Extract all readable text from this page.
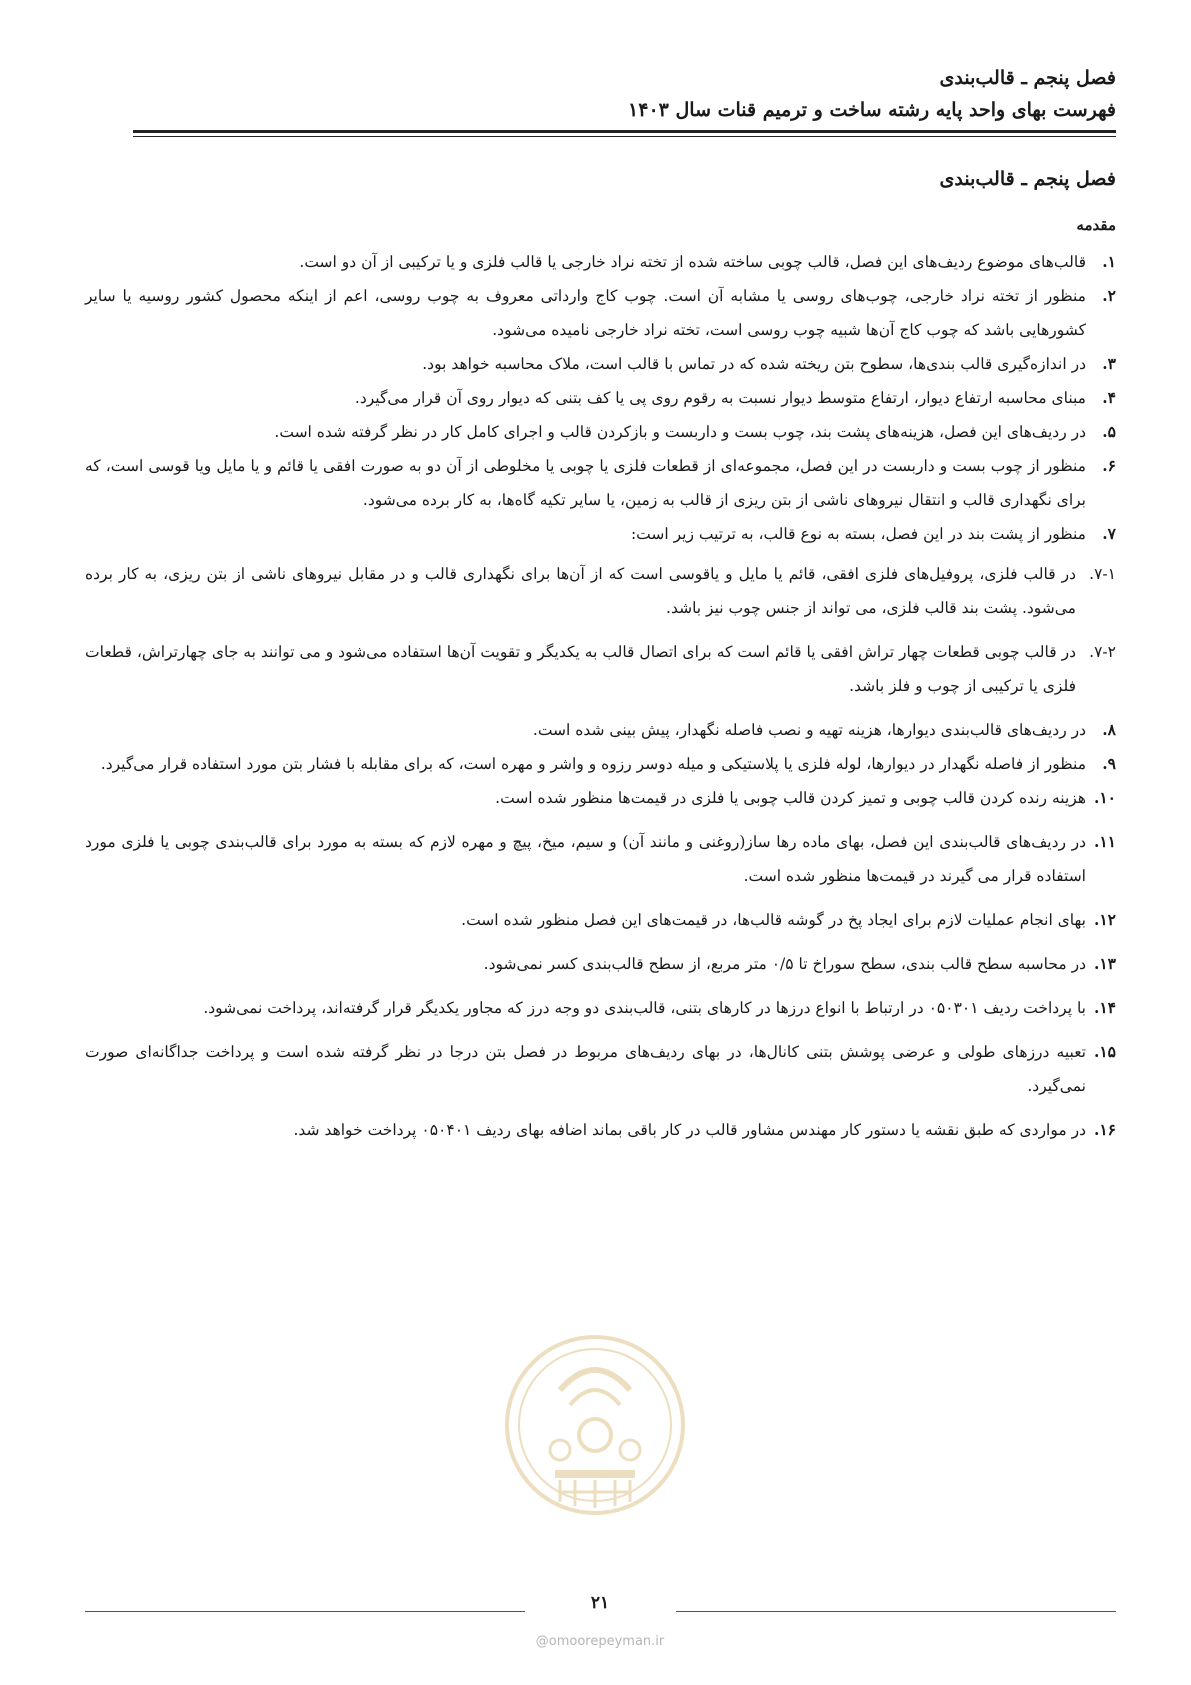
فصل پنجم ـ قالب‌بندی
فهرست بهای واحد پایه رشته ساخت و ترمیم قنات سال ۱۴۰۳
فصل پنجم ـ قالب‌بندی
مقدمه

۱.
قالب‌های موضوع ردیف‌های این فصل، قالب چوبی ساخته شده از تخته نراد خارجی یا قالب فلزی و یا ترکیبی از آن دو است.

۲.
منظور از تخته نراد خارجی، چوب‌های روسی یا مشابه آن است. چوب کاج وارداتی معروف به چوب روسی، اعم از اینکه محصول کشور روسیه یا سایر کشورهایی باشد که چوب کاج آن‌ها شبیه چوب روسی است، تخته نراد خارجی نامیده می‌شود.

۳.
در اندازه‌گیری قالب بندی‌ها، سطوح بتن ریخته شده که در تماس با قالب است، ملاک محاسبه خواهد بود.

۴.
مبنای محاسبه ارتفاع دیوار، ارتفاع متوسط دیوار نسبت به رقوم روی پی یا کف بتنی که دیوار روی آن قرار می‌گیرد.

۵.
در ردیف‌های این فصل، هزینه‌های پشت بند، چوب بست و داربست و بازکردن قالب و اجرای کامل کار در نظر گرفته شده است.

۶.
منظور از چوب بست و داربست در این فصل، مجموعه‌ای از قطعات فلزی یا چوبی یا مخلوطی از آن دو به صورت افقی یا قائم و یا مایل ویا قوسی است، که برای نگهداری قالب و انتقال نیروهای ناشی از بتن ریزی از قالب به زمین، یا سایر تکیه گاه‌ها، به کار برده می‌شود.

۷.
منظور از پشت بند در این فصل، بسته به نوع قالب، به ترتیب زیر است:

۷-۱.
در قالب فلزی، پروفیل‌های فلزی افقی، قائم یا مایل و یاقوسی است که از آن‌ها برای نگهداری قالب و در مقابل نیروهای ناشی از بتن ریزی، به کار برده می‌شود. پشت بند قالب فلزی، می تواند از جنس چوب نیز باشد.

۷-۲.
در قالب چوبی قطعات چهار تراش افقی یا قائم است که برای اتصال قالب به یکدیگر و تقویت آن‌ها استفاده می‌شود و می توانند به جای چهارتراش، قطعات فلزی یا ترکیبی از چوب و فلز باشد.

۸.
در ردیف‌های قالب‌بندی دیوارها، هزینه تهیه و نصب فاصله نگهدار، پیش بینی شده است.

۹.
منظور از فاصله نگهدار در دیوارها، لوله فلزی یا پلاستیکی و میله دوسر رزوه و واشر و مهره است، که برای مقابله با فشار بتن مورد استفاده قرار می‌گیرد.

۱۰.
هزینه رنده کردن قالب چوبی و تمیز کردن قالب چوبی یا فلزی در قیمت‌ها منظور شده است.

۱۱.
در ردیف‌های قالب‌بندی این فصل، بهای ماده رها ساز(روغنی و مانند آن) و سیم، میخ، پیچ و مهره لازم که بسته به مورد برای قالب‌بندی چوبی یا فلزی مورد استفاده قرار می گیرند در قیمت‌ها منظور شده است.

۱۲.
بهای انجام عملیات لازم برای ایجاد پخ در گوشه قالب‌ها، در قیمت‌های این فصل منظور شده است.

۱۳.
در محاسبه سطح قالب بندی، سطح سوراخ تا ۰/۵ متر مربع، از سطح قالب‌بندی کسر نمی‌شود.

۱۴.
با پرداخت ردیف ۰۵۰۳۰۱ در ارتباط با انواع درزها در کارهای بتنی، قالب‌بندی دو وجه درز که مجاور یکدیگر قرار گرفته‌اند، پرداخت نمی‌شود.

۱۵.
تعبیه درزهای طولی و عرضی پوشش بتنی کانال‌ها، در بهای ردیف‌های مربوط در فصل بتن درجا در نظر گرفته شده است و پرداخت جداگانه‌ای صورت نمی‌گیرد.

۱۶.
در مواردی که طبق نقشه یا دستور کار مهندس مشاور قالب در کار باقی بماند اضافه بهای ردیف ۰۵۰۴۰۱ پرداخت خواهد شد.

۲۱
@omoorepeyman.ir
